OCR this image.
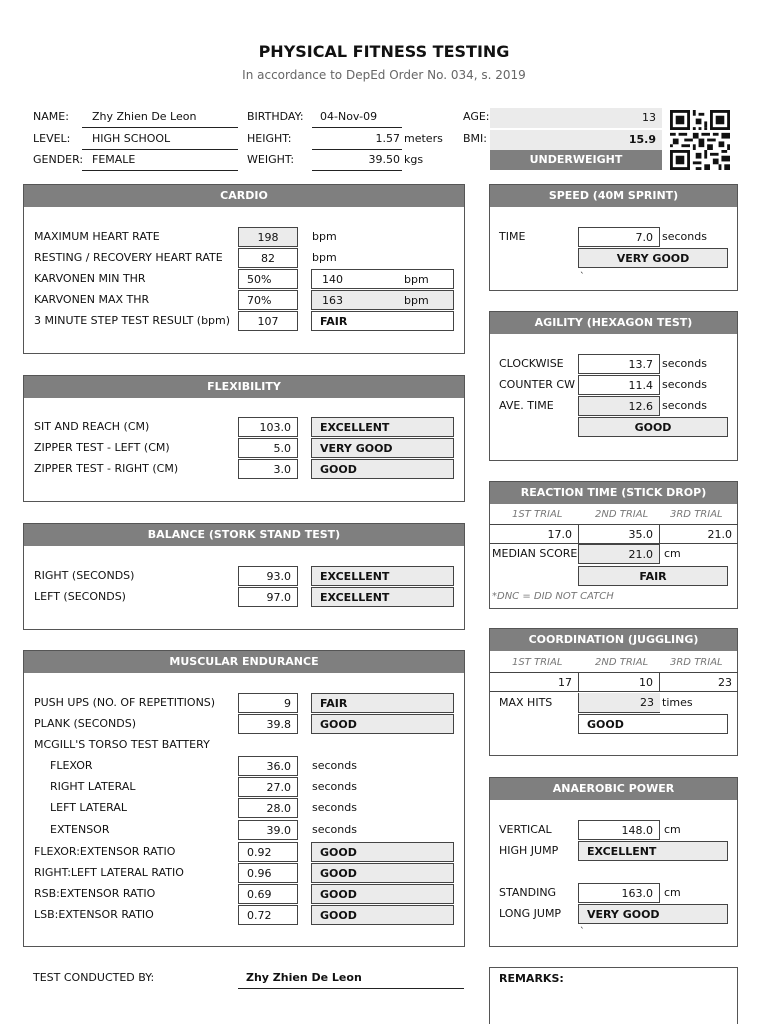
PHYSICAL FITNESS TESTING
In accordance to DepEd Order No. 034, s. 2019
NAME:	Zhy Zhien De Leon
LEVEL:	HIGH SCHOOL
GENDER: FEMALE
BIRTHDAY:	04-Nov-09
HEIGHT:	1.57 meters
WEIGHT:	39.50 kgs
AGE:	13
BMI:	15.9
UNDERWEIGHT
CARDIO
MAXIMUM HEART RATE	198	bpm
RESTING / RECOVERY HEART RATE	82	bpm
KARVONEN MIN THR	50%	140	bpm
KARVONEN MAX THR	70%	163	bpm
3 MINUTE STEP TEST RESULT (bpm)	107	FAIR
FLEXIBILITY
SIT AND REACH (CM)	103.0	EXCELLENT
ZIPPER TEST - LEFT (CM)	5.0	VERY GOOD
ZIPPER TEST - RIGHT (CM)	3.0	GOOD
BALANCE (STORK STAND TEST)
RIGHT (SECONDS)	93.0	EXCELLENT
LEFT (SECONDS)	97.0	EXCELLENT
MUSCULAR ENDURANCE
PUSH UPS (NO. OF REPETITIONS)	9	FAIR
PLANK (SECONDS)	39.8	GOOD
MCGILL'S TORSO TEST BATTERY
FLEXOR	36.0	seconds
RIGHT LATERAL	27.0	seconds
LEFT LATERAL	28.0	seconds
EXTENSOR	39.0	seconds
FLEXOR:EXTENSOR RATIO	0.92	GOOD
RIGHT:LEFT LATERAL RATIO	0.96	GOOD
RSB:EXTENSOR RATIO	0.69	GOOD
LSB:EXTENSOR RATIO	0.72	GOOD
SPEED (40M SPRINT)
TIME	7.0 seconds
VERY GOOD
`
AGILITY (HEXAGON TEST)
CLOCKWISE	13.7 seconds
COUNTER CW	11.4 seconds
AVE. TIME	12.6 seconds
GOOD
REACTION TIME (STICK DROP)
1ST TRIAL	2ND TRIAL 3RD TRIAL
17.0	35.0	21.0
MEDIAN SCORE	21.0	cm
FAIR
*DNC = DID NOT CATCH
COORDINATION (JUGGLING)
1ST TRIAL	2ND TRIAL 3RD TRIAL
17	10	23
MAX HITS	23 times
GOOD
ANAEROBIC POWER
VERTICAL	148.0	cm
HIGH JUMP	EXCELLENT
STANDING	163.0	cm
LONG JUMP	VERY GOOD
`
TEST CONDUCTED BY:	Zhy Zhien De Leon	REMARKS:
